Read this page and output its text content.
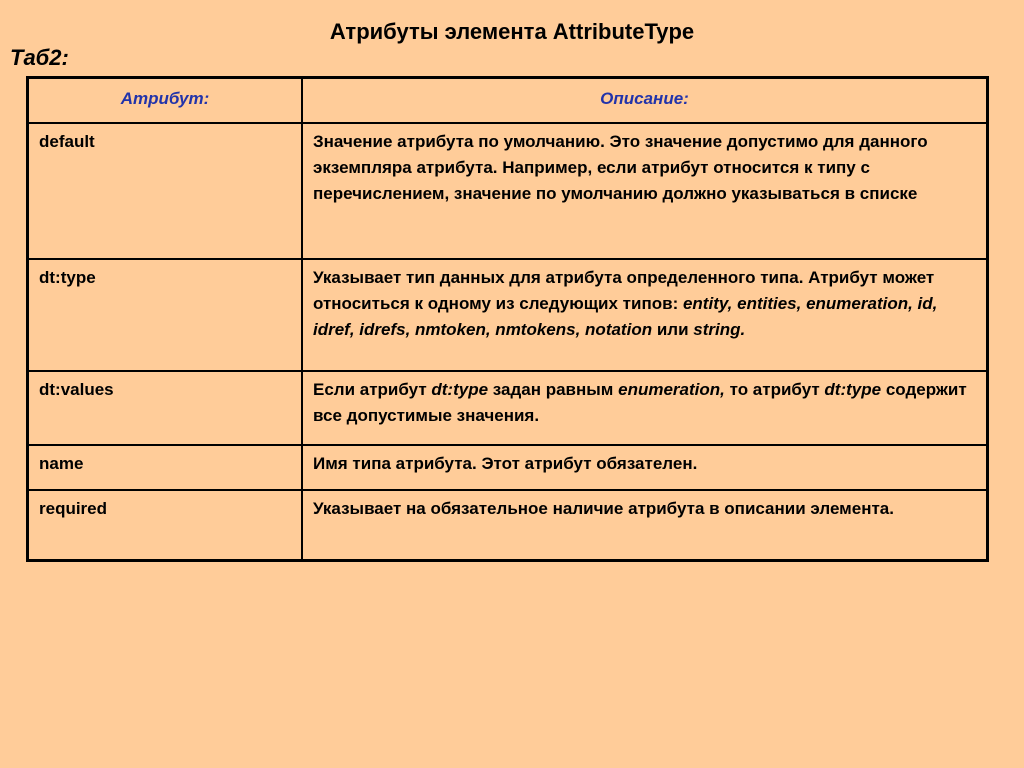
Атрибуты элемента AttributeType
Таб2:
Атрибут:	Описание:
default	Значение атрибута по умолчанию. Это значение допустимо для данного экземпляра атрибута. Например, если атрибут относится к типу с перечислением, значение по умолчанию должно указываться в списке
dt:type	Указывает тип данных для атрибута определенного типа. Атрибут может относиться к одному из следующих типов: entity, entities, enumeration, id, idref, idrefs, nmtoken, nmtokens, notation или string.
dt:values	Если атрибут dt:type задан равным enumeration, то атрибут dt:type содержит все допустимые значения.
name	Имя типа атрибута. Этот атрибут обязателен.
required	Указывает на обязательное наличие атрибута в описании элемента.
